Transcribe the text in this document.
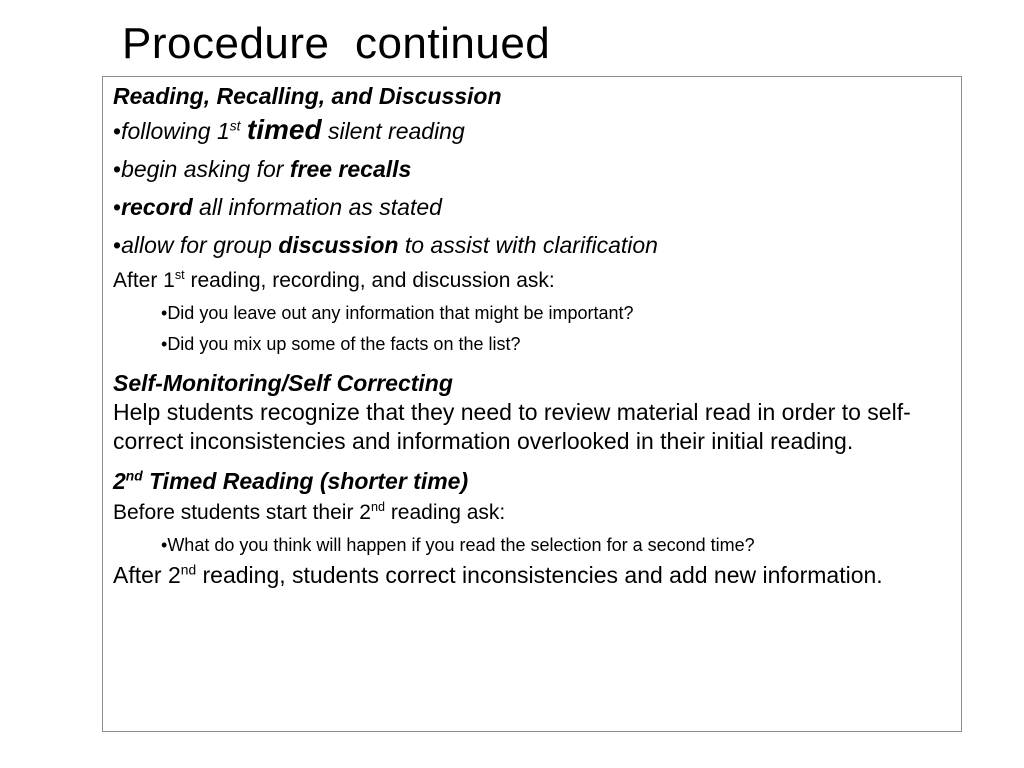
Procedure  continued

Reading, Recalling, and Discussion

•following 1st timed silent reading

•begin asking for free recalls

•record all information as stated

•allow for group discussion to assist with clarification

After 1st reading, recording, and discussion ask:

•Did you leave out any information that might be important?

•Did you mix up some of the facts on the list?

Self-Monitoring/Self Correcting

Help students recognize that they need to review material read in order to self-correct inconsistencies and information overlooked in their initial reading.

2nd Timed Reading (shorter time)

Before students start their 2nd reading ask:

•What do you think will happen if you read the selection for a second time?

After 2nd reading, students correct inconsistencies and add new information.
